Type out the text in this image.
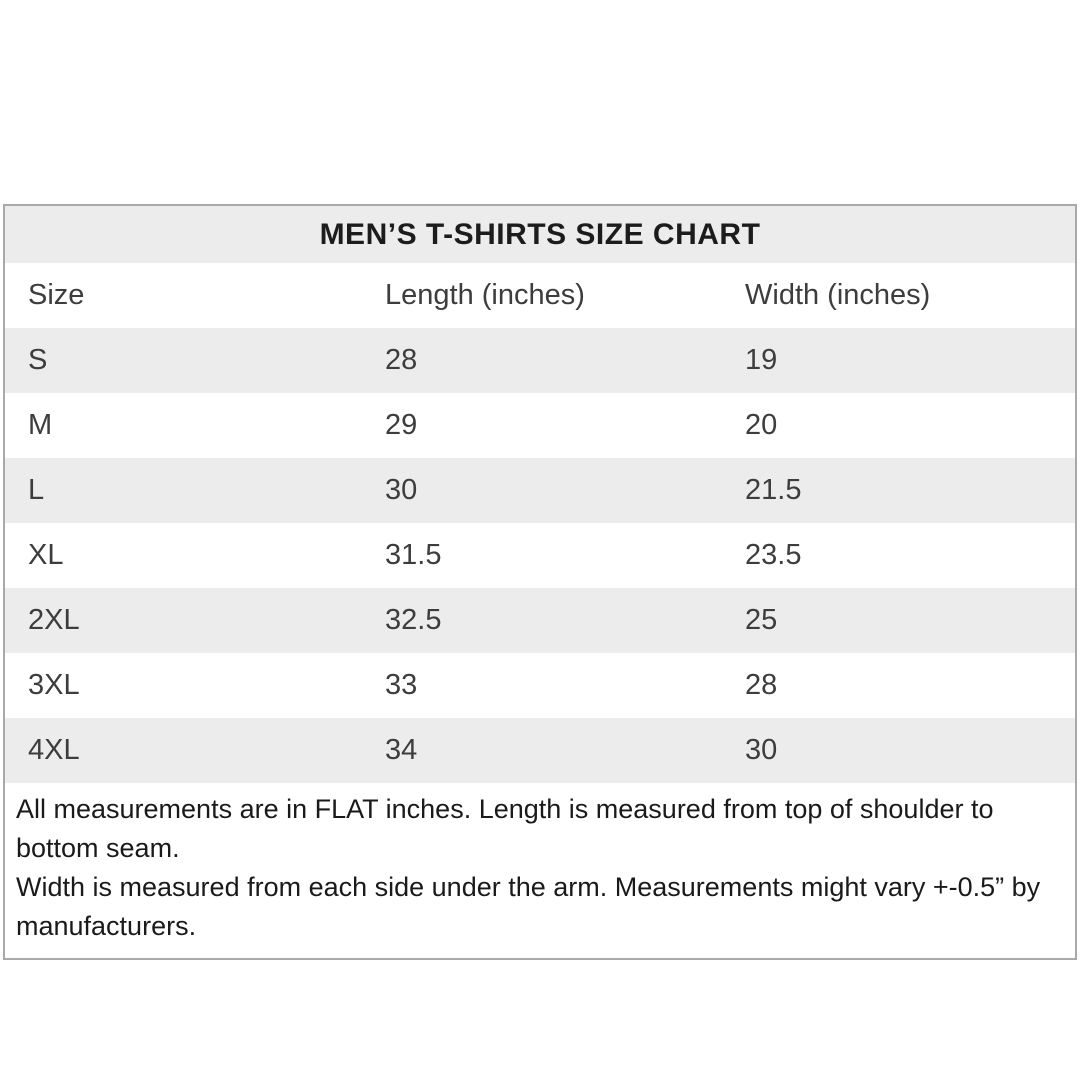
MEN’S T-SHIRTS SIZE CHART
Size	Length (inches)	Width (inches)
S	28	19
M	29	20
L	30	21.5
XL	31.5	23.5
2XL	32.5	25
3XL	33	28
4XL	34	30
All measurements are in FLAT inches. Length is measured from top of shoulder to bottom seam.
Width is measured from each side under the arm. Measurements might vary +-0.5” by manufacturers.
